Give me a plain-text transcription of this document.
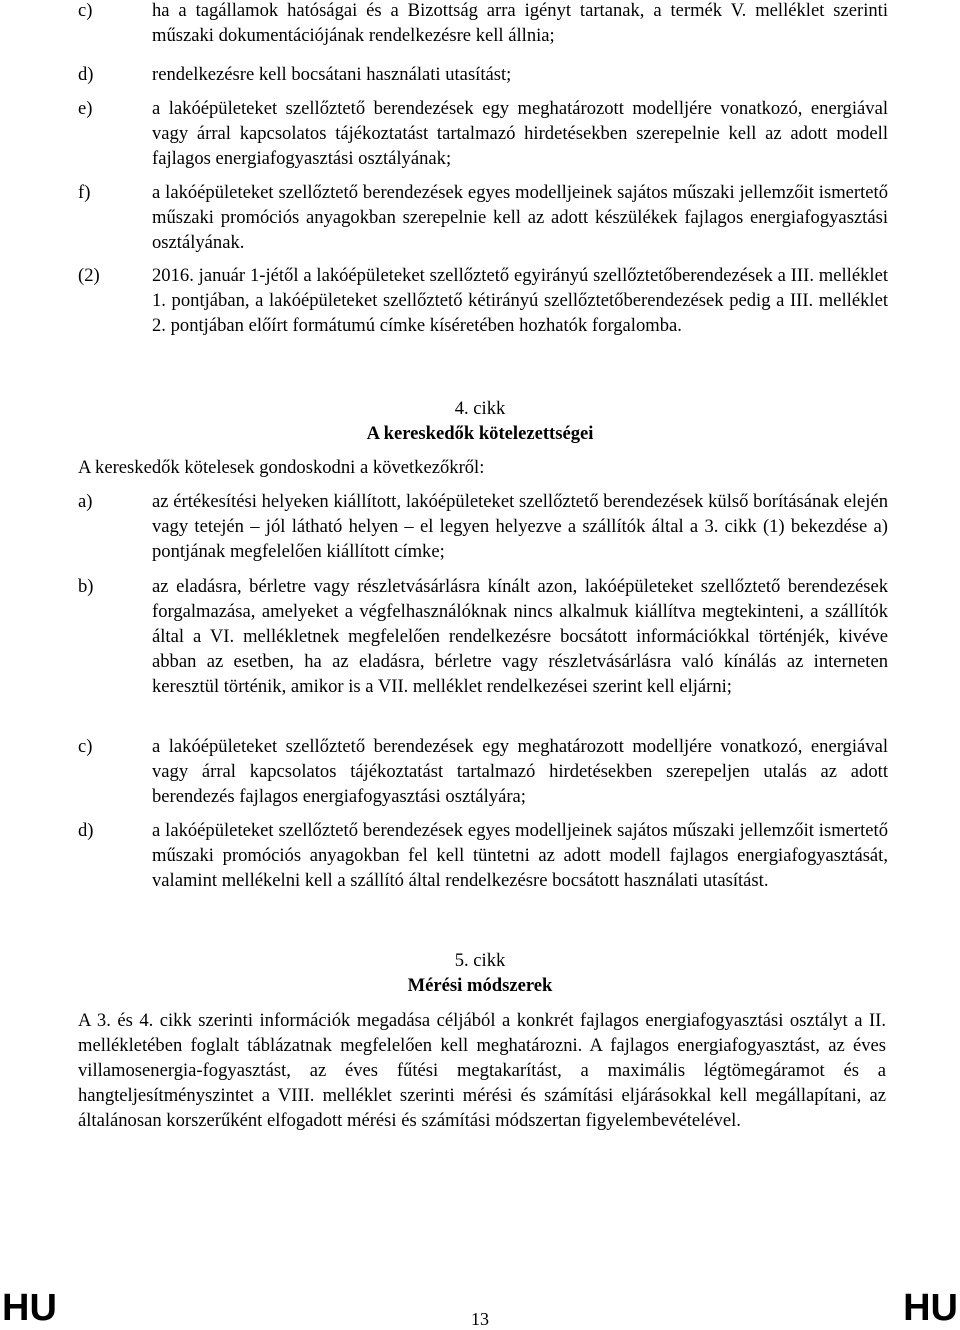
c)	ha a tagállamok hatóságai és a Bizottság arra igényt tartanak, a termék V. melléklet szerinti műszaki dokumentációjának rendelkezésre kell állnia;
d)	rendelkezésre kell bocsátani használati utasítást;
e)	a lakóépületeket szellőztető berendezések egy meghatározott modelljére vonatkozó, energiával vagy árral kapcsolatos tájékoztatást tartalmazó hirdetésekben szerepelnie kell az adott modell fajlagos energiafogyasztási osztályának;
f)	a lakóépületeket szellőztető berendezések egyes modelljeinek sajátos műszaki jellemzőit ismertető műszaki promóciós anyagokban szerepelnie kell az adott készülékek fajlagos energiafogyasztási osztályának.
(2)	2016. január 1-jétől a lakóépületeket szellőztető egyirányú szellőztetőberendezések a III. melléklet 1. pontjában, a lakóépületeket szellőztető kétirányú szellőztetőberendezések pedig a III. melléklet 2. pontjában előírt formátumú címke kíséretében hozhatók forgalomba.
4. cikk
A kereskedők kötelezettségei
A kereskedők kötelesek gondoskodni a következőkről:
a)	az értékesítési helyeken kiállított, lakóépületeket szellőztető berendezések külső borításának elején vagy tetején – jól látható helyen – el legyen helyezve a szállítók által a 3. cikk (1) bekezdése a) pontjának megfelelően kiállított címke;
b)	az eladásra, bérletre vagy részletvásárlásra kínált azon, lakóépületeket szellőztető berendezések forgalmazása, amelyeket a végfelhasználóknak nincs alkalmuk kiállítva megtekinteni, a szállítók által a VI. mellékletnek megfelelően rendelkezésre bocsátott információkkal történjék, kivéve abban az esetben, ha az eladásra, bérletre vagy részletvásárlásra való kínálás az interneten keresztül történik, amikor is a VII. melléklet rendelkezései szerint kell eljárni;
c)	a lakóépületeket szellőztető berendezések egy meghatározott modelljére vonatkozó, energiával vagy árral kapcsolatos tájékoztatást tartalmazó hirdetésekben szerepeljen utalás az adott berendezés fajlagos energiafogyasztási osztályára;
d)	a lakóépületeket szellőztető berendezések egyes modelljeinek sajátos műszaki jellemzőit ismertető műszaki promóciós anyagokban fel kell tüntetni az adott modell fajlagos energiafogyasztását, valamint mellékelni kell a szállító által rendelkezésre bocsátott használati utasítást.
5. cikk
Mérési módszerek
A 3. és 4. cikk szerinti információk megadása céljából a konkrét fajlagos energiafogyasztási osztályt a II. mellékletében foglalt táblázatnak megfelelően kell meghatározni. A fajlagos energiafogyasztást, az éves villamosenergia-fogyasztást, az éves fűtési megtakarítást, a maximális légtömegáramot és a hangteljesítményszintet a VIII. melléklet szerinti mérési és számítási eljárásokkal kell megállapítani, az általánosan korszerűként elfogadott mérési és számítási módszertan figyelembevételével.
HU	13	HU
